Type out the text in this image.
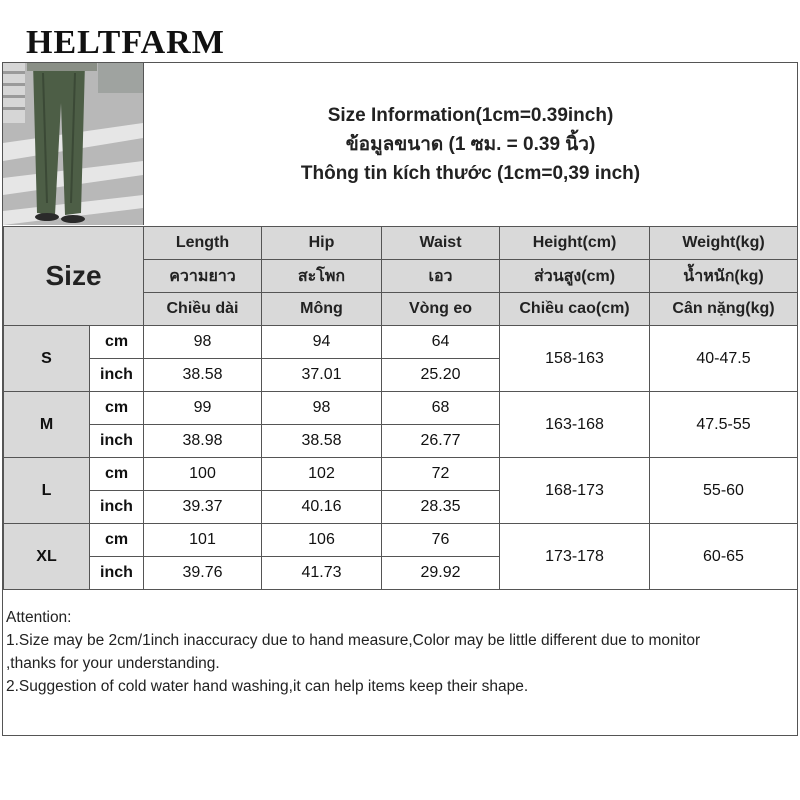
HELTFARM
Size Information(1cm=0.39inch)
ข้อมูลขนาด (1 ซม. = 0.39 นิ้ว)
Thông tin kích thước (1cm=0,39 inch)
Size		Length	Hip	Waist	Height(cm)	Weight(kg)
		ความยาว	สะโพก	เอว	ส่วนสูง(cm)	น้ำหนัก(kg)
		Chiều dài	Mông	Vòng eo	Chiều cao(cm)	Cân nặng(kg)
S	cm	98	94	64	158-163	40-47.5
	inch	38.58	37.01	25.20		
M	cm	99	98	68	163-168	47.5-55
	inch	38.98	38.58	26.77		
L	cm	100	102	72	168-173	55-60
	inch	39.37	40.16	28.35		
XL	cm	101	106	76	173-178	60-65
	inch	39.76	41.73	29.92		
Attention:
1.Size may be 2cm/1inch inaccuracy due to hand measure,Color may be little different due to monitor
,thanks for your understanding.
2.Suggestion of cold water hand washing,it can help items keep their shape.
